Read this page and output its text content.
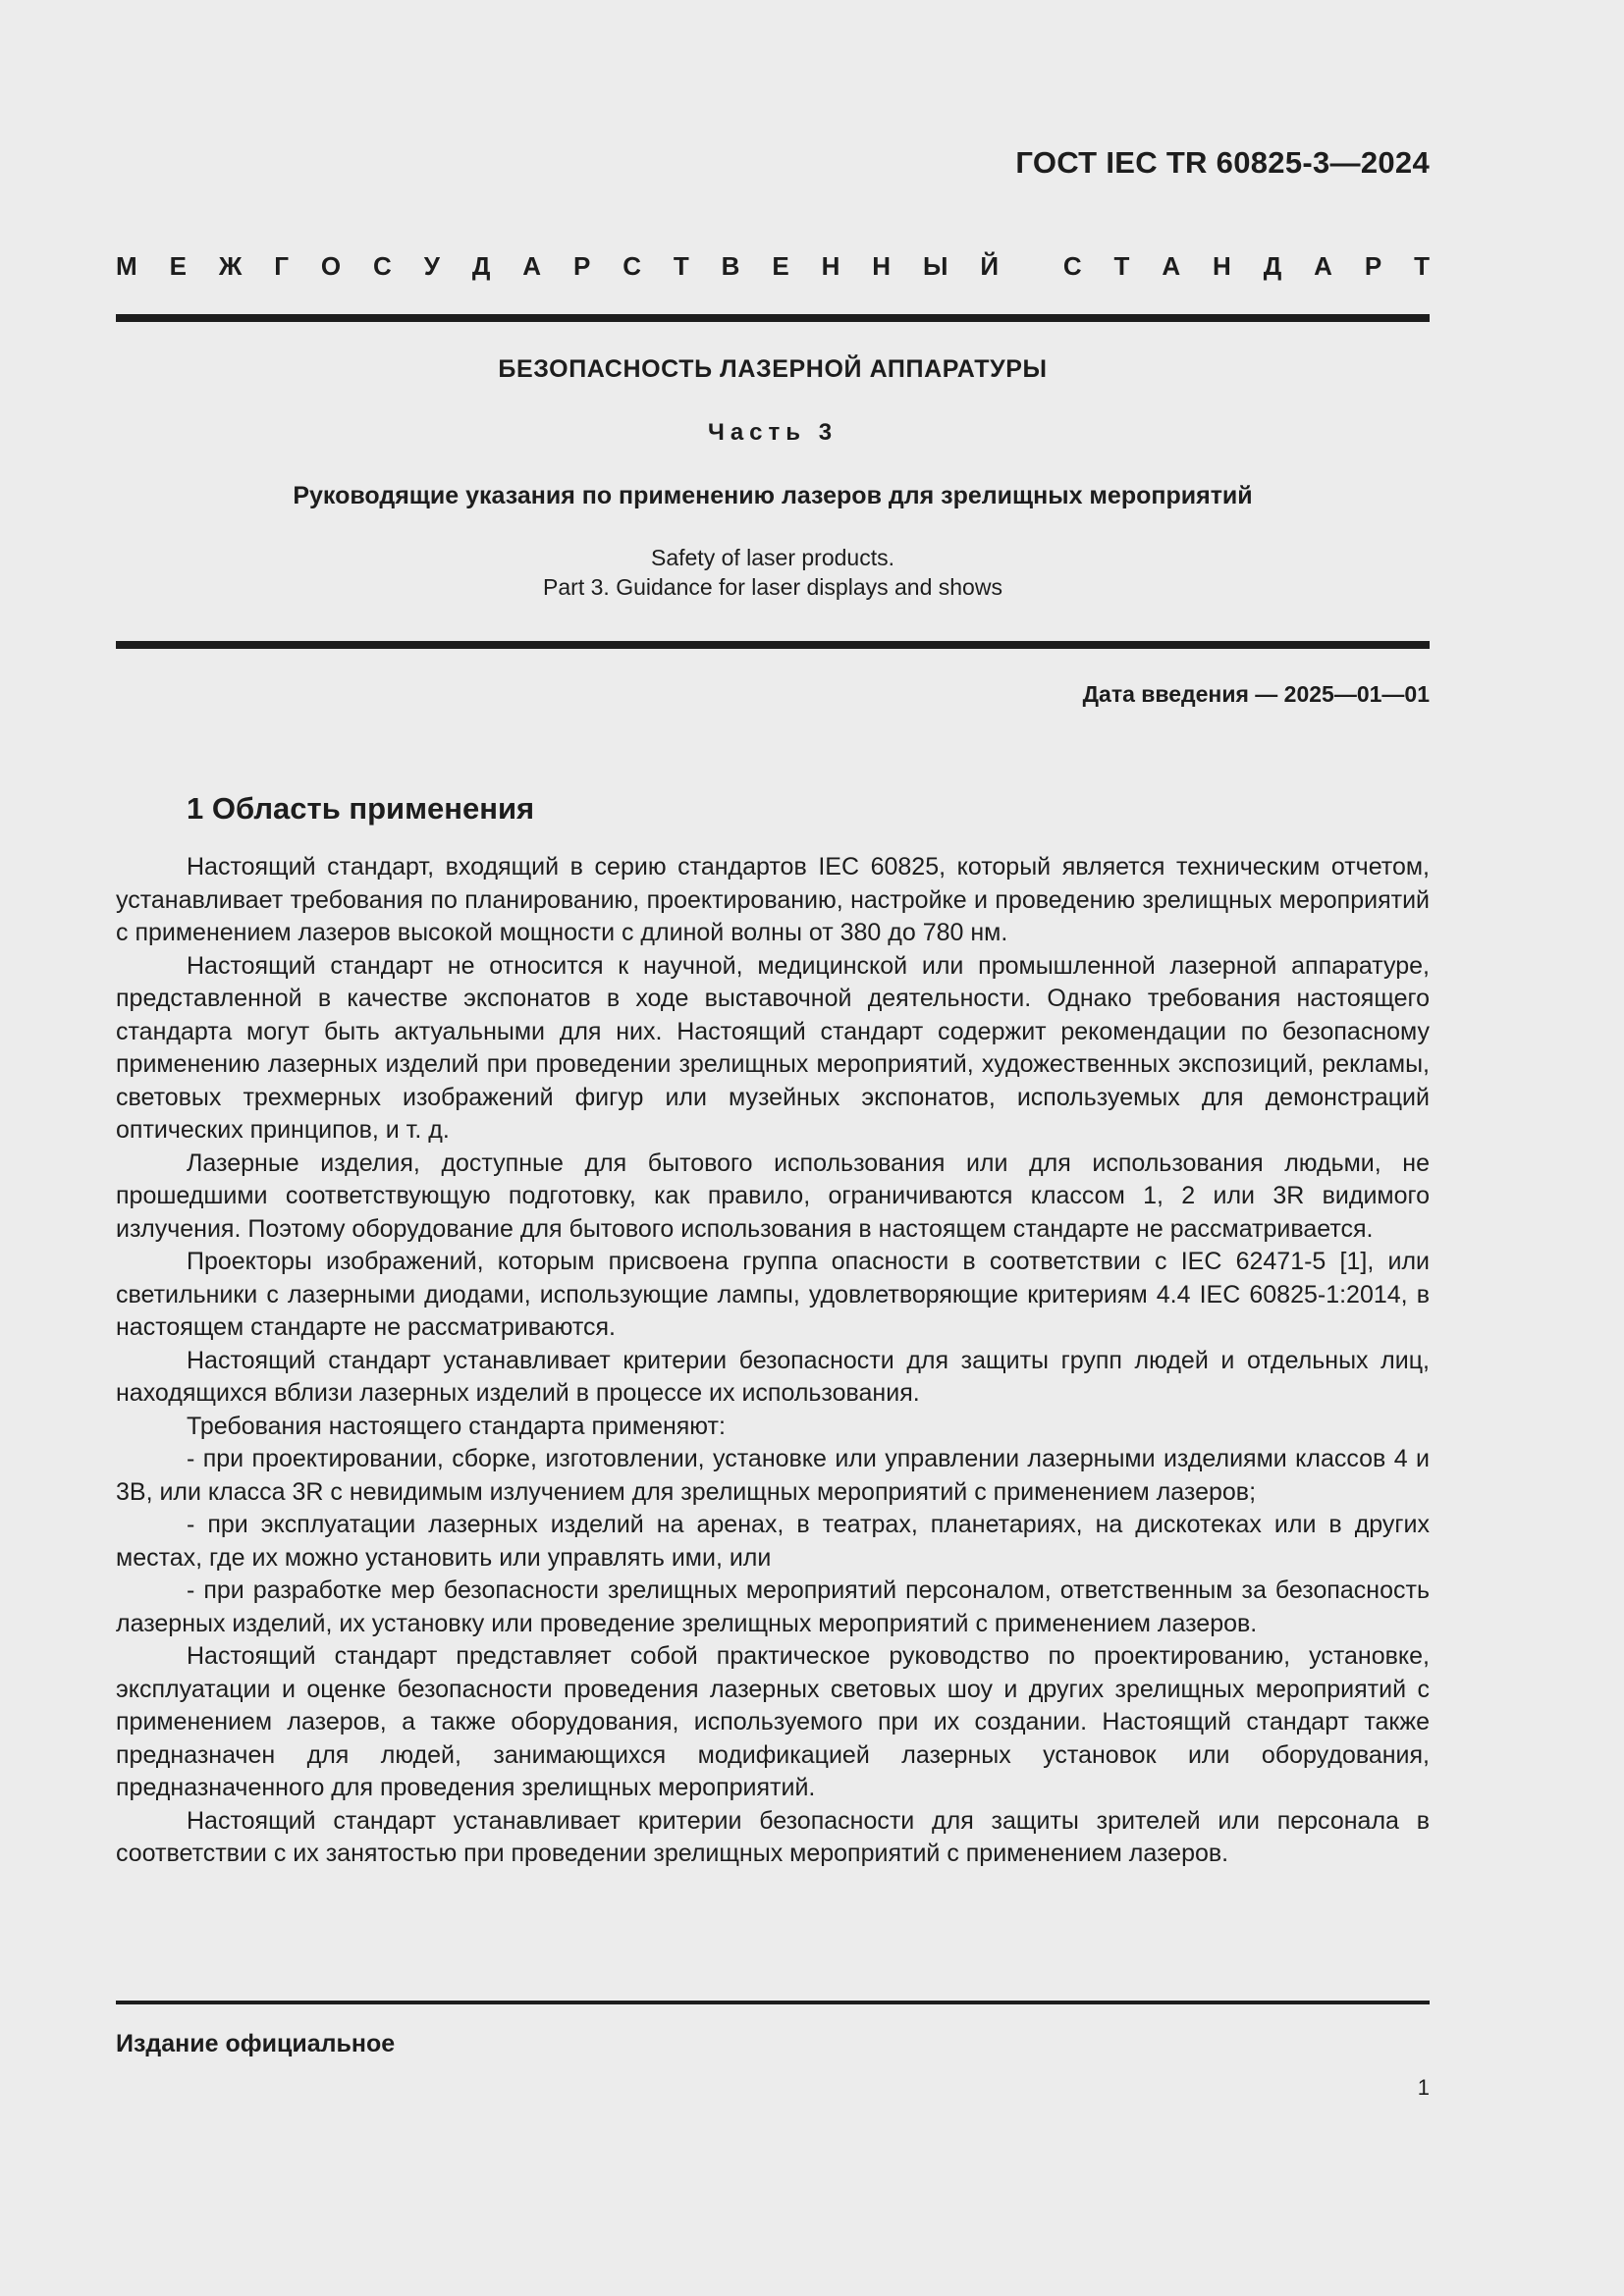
ГОСТ IEC TR 60825-3—2024
М Е Ж Г О С У Д А Р С Т В Е Н Н Ы Й	С Т А Н Д А Р Т
БЕЗОПАСНОСТЬ ЛАЗЕРНОЙ АППАРАТУРЫ
Часть 3
Руководящие указания по применению лазеров для зрелищных мероприятий
Safety of laser products.
Part 3. Guidance for laser displays and shows
Дата введения — 2025—01—01
1 Область применения

Настоящий стандарт, входящий в серию стандартов IEC 60825, который является техническим отчетом, устанавливает требования по планированию, проектированию, настройке и проведению зрелищных мероприятий с применением лазеров высокой мощности с длиной волны от 380 до 780 нм.

Настоящий стандарт не относится к научной, медицинской или промышленной лазерной аппаратуре, представленной в качестве экспонатов в ходе выставочной деятельности. Однако требования настоящего стандарта могут быть актуальными для них. Настоящий стандарт содержит рекомендации по безопасному применению лазерных изделий при проведении зрелищных мероприятий, художественных экспозиций, рекламы, световых трехмерных изображений фигур или музейных экспонатов, используемых для демонстраций оптических принципов, и т. д.

Лазерные изделия, доступные для бытового использования или для использования людьми, не прошедшими соответствующую подготовку, как правило, ограничиваются классом 1, 2 или 3R видимого излучения. Поэтому оборудование для бытового использования в настоящем стандарте не рассматривается.

Проекторы изображений, которым присвоена группа опасности в соответствии с IEC 62471-5 [1], или светильники с лазерными диодами, использующие лампы, удовлетворяющие критериям 4.4 IEC 60825-1:2014, в настоящем стандарте не рассматриваются.

Настоящий стандарт устанавливает критерии безопасности для защиты групп людей и отдельных лиц, находящихся вблизи лазерных изделий в процессе их использования.

Требования настоящего стандарта применяют:

- при проектировании, сборке, изготовлении, установке или управлении лазерными изделиями классов 4 и 3В, или класса 3R с невидимым излучением для зрелищных мероприятий с применением лазеров;

- при эксплуатации лазерных изделий на аренах, в театрах, планетариях, на дискотеках или в других местах, где их можно установить или управлять ими, или

- при разработке мер безопасности зрелищных мероприятий персоналом, ответственным за безопасность лазерных изделий, их установку или проведение зрелищных мероприятий с применением лазеров.

Настоящий стандарт представляет собой практическое руководство по проектированию, установке, эксплуатации и оценке безопасности проведения лазерных световых шоу и других зрелищных мероприятий с применением лазеров, а также оборудования, используемого при их создании. Настоящий стандарт также предназначен для людей, занимающихся модификацией лазерных установок или оборудования, предназначенного для проведения зрелищных мероприятий.

Настоящий стандарт устанавливает критерии безопасности для защиты зрителей или персонала в соответствии с их занятостью при проведении зрелищных мероприятий с применением лазеров.

Издание официальное
1
